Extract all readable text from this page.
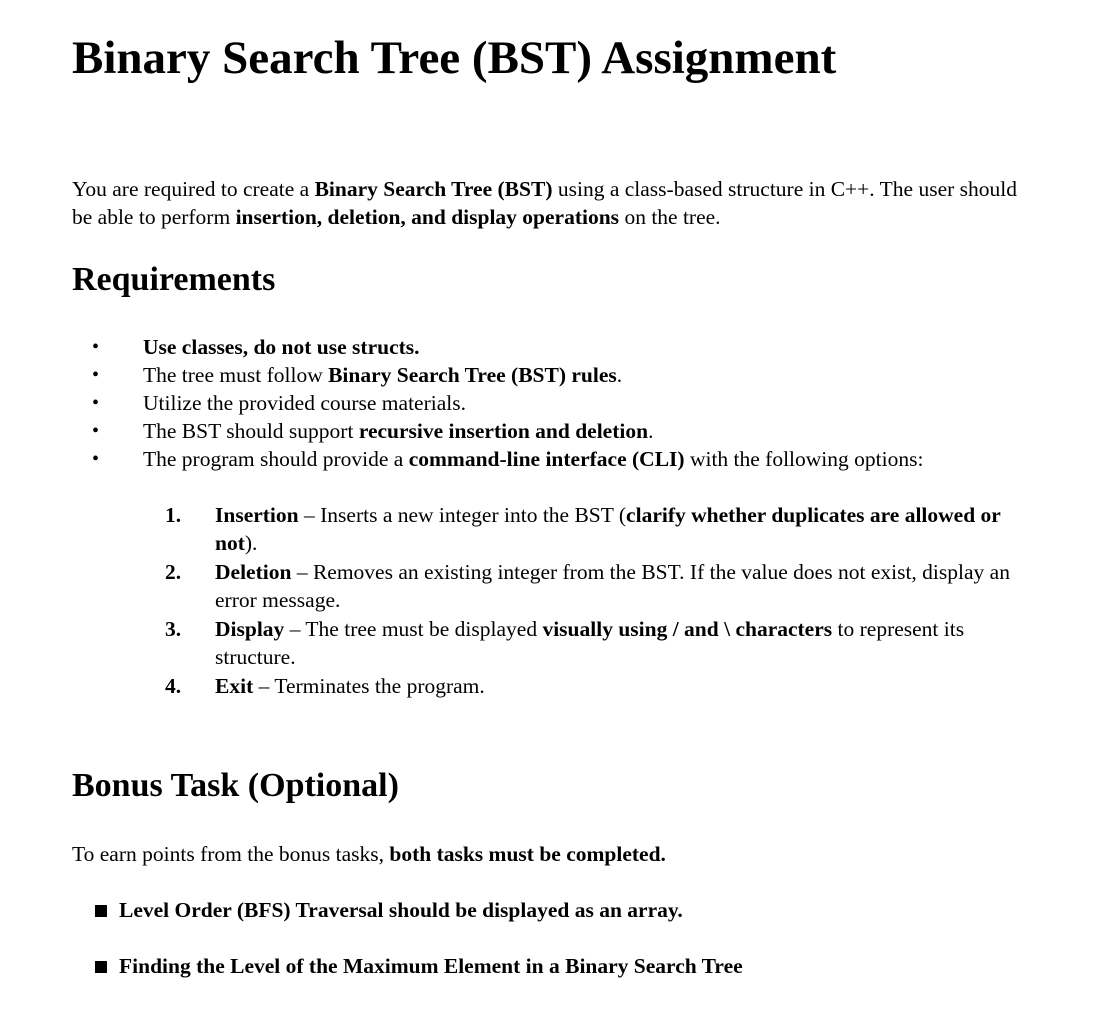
Binary Search Tree (BST) Assignment

You are required to create a Binary Search Tree (BST) using a class-based structure in C++. The user should be able to perform insertion, deletion, and display operations on the tree.

Requirements
• Use classes, do not use structs.
• The tree must follow Binary Search Tree (BST) rules.
• Utilize the provided course materials.
• The BST should support recursive insertion and deletion.
• The program should provide a command-line interface (CLI) with the following options:
1. Insertion – Inserts a new integer into the BST (clarify whether duplicates are allowed or not).
2. Deletion – Removes an existing integer from the BST. If the value does not exist, display an error message.
3. Display – The tree must be displayed visually using / and \ characters to represent its structure.
4. Exit – Terminates the program.
Bonus Task (Optional)

To earn points from the bonus tasks, both tasks must be completed.

Level Order (BFS) Traversal should be displayed as an array.
Finding the Level of the Maximum Element in a Binary Search Tree
